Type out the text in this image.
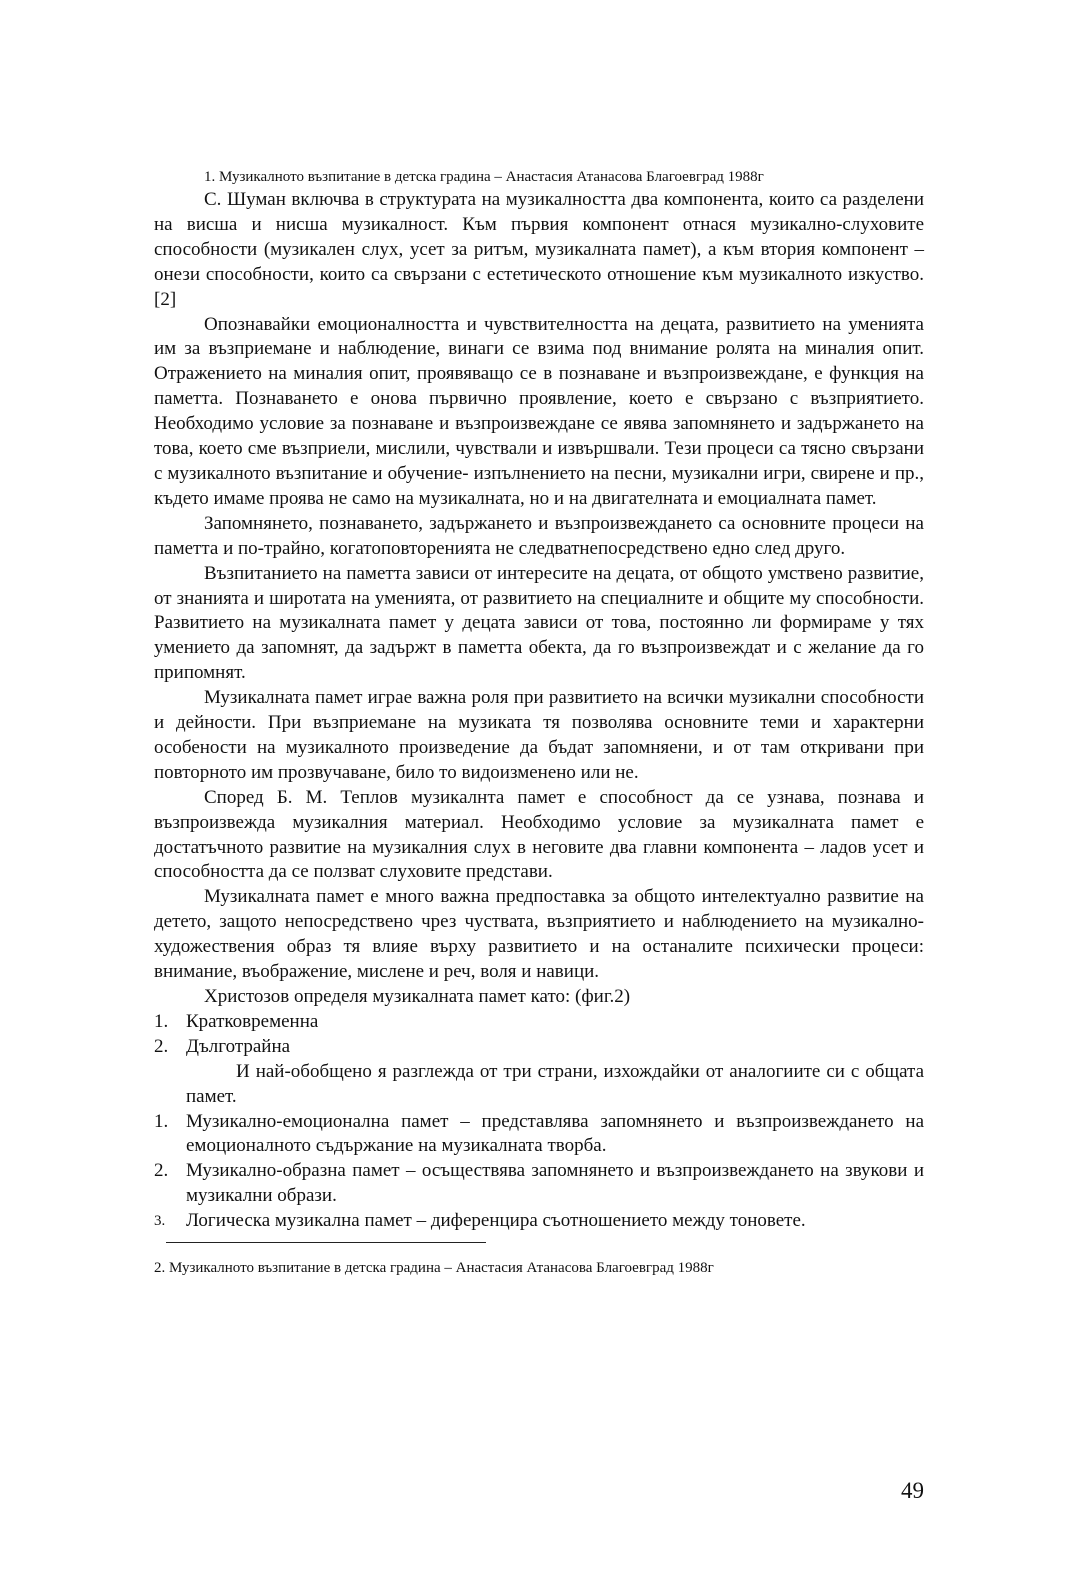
1. Музикалното възпитание в детска градина – Анастасия Атанасова Благоевград 1988г

С. Шуман включва в структурата на музикалността два компонента, които са разделени на висша и нисша музикалност. Към първия компонент отнася музикално-слуховите способности (музикален слух, усет за ритъм, музикалната памет), а към втория компонент – онези способности, които са свързани с естетическото отношение към музикалното изкуство. [2]

Опознавайки емоционалността и чувствителността на децата, развитието на уменията им за възприемане и наблюдение, винаги се взима под внимание ролята на миналия опит. Отражението на миналия опит, проявяващо се в познаване и възпроизвеждане, е функция на паметта. Познаването е онова първично проявление, което е свързано с възприятието. Необходимо условие за познаване и възпроизвеждане се явява запомнянето и задържането на това, което сме възприели, мислили, чувствали и извършвали. Тези процеси са тясно свързани с музикалното възпитание и обучение- изпълнението на песни, музикални игри, свирене и пр., където имаме проява не само на музикалната, но и на двигателната и емоциалната памет.

Запомнянето, познаването, задържането и възпроизвеждането са основните процеси на паметта и по-трайно, когатоповторенията не следватнепосредствено едно след друго.

Възпитанието на паметта зависи от интересите на децата, от общото умствено развитие, от знанията и широтата на уменията, от развитието на специалните и общите му способности. Развитието на музикалната памет у децата зависи от това, постоянно ли формираме у тях умението да запомнят, да задържт в паметта обекта, да го възпроизвеждат и с желание да го припомнят.

Музикалната памет играе важна роля при развитието на всички музикални способности и дейности. При възприемане на музиката тя позволява основните теми и характерни особености на музикалното произведение да бъдат запомняени, и от там откривани при повторното им прозвучаване, било то видоизменено или не.

Според Б. М. Теплов музикалнта памет е способност да се узнава, познава и възпроизвежда музикалния материал. Необходимо условие за музикалната памет е достатъчното развитие на музикалния слух в неговите два главни компонента – ладов усет и способността да се ползват слуховите представи.

Музикалната памет е много важна предпоставка за общото интелектуално развитие на детето, защото непосредствено чрез чуствата, възприятието и наблюдението на музикално-художествения образ тя влияе върху развитието и на останалите психически процеси: внимание, въображение, мислене и реч, воля и навици.

Христозов определя музикалната памет като: (фиг.2)

1. Кратковременна
2. Дълготрайна

И най-обобщено я разглежда от три страни, изхождайки от аналогиите си с общата памет.

1. Музикално-емоционална памет – представлява запомнянето и възпроизвеждането на емоционалното съдържание на музикалната творба.
2. Музикално-образна памет – осъществява запомнянето и възпроизвеждането на звукови и музикални образи.
3. Логическа музикална памет – диференцира съотношението между тоновете.
2. Музикалното възпитание в детска градина – Анастасия Атанасова Благоевград 1988г
49
